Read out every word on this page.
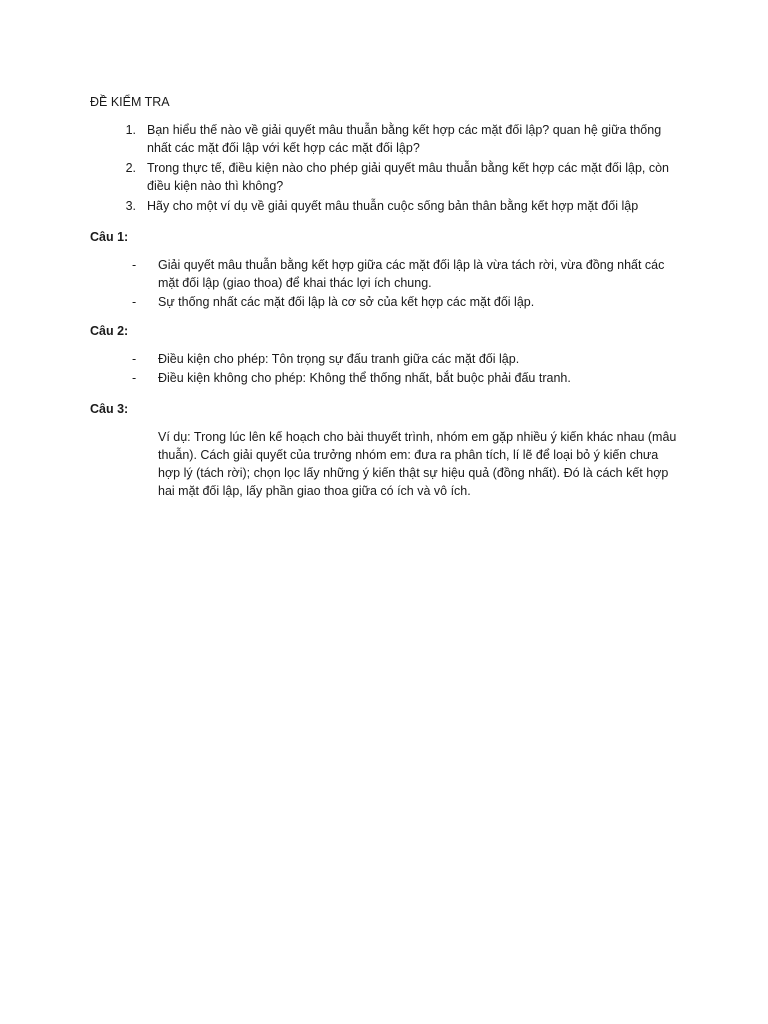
ĐỀ KIỂM TRA
1. Bạn hiểu thế nào về giải quyết mâu thuẫn bằng kết hợp các mặt đối lập? quan hệ giữa thống nhất các mặt đối lập với kết hợp các mặt đối lập?
2. Trong thực tế, điều kiện nào cho phép giải quyết mâu thuẫn bằng kết hợp các mặt đối lập, còn điều kiện nào thì không?
3. Hãy cho một ví dụ về giải quyết mâu thuẫn cuộc sống bản thân bằng kết hợp mặt đối lập
Câu 1:
-	Giải quyết mâu thuẫn bằng kết hợp giữa các mặt đối lập là vừa tách rời, vừa đồng nhất các mặt đối lập (giao thoa) để khai thác lợi ích chung.
-	Sự thống nhất các mặt đối lập là cơ sở của kết hợp các mặt đối lập.
Câu 2:
-	Điều kiện cho phép: Tôn trọng sự đấu tranh giữa các mặt đối lập.
-	Điều kiện không cho phép: Không thể thống nhất, bắt buộc phải đấu tranh.
Câu 3:
Ví dụ: Trong lúc lên kế hoạch cho bài thuyết trình, nhóm em gặp nhiều ý kiến khác nhau (mâu thuẫn). Cách giải quyết của trưởng nhóm em: đưa ra phân tích, lí lẽ để loại bỏ ý kiến chưa hợp lý (tách rời); chọn lọc lấy những ý kiến thật sự hiệu quả (đồng nhất). Đó là cách kết hợp hai mặt đối lập, lấy phần giao thoa giữa có ích và vô ích.
